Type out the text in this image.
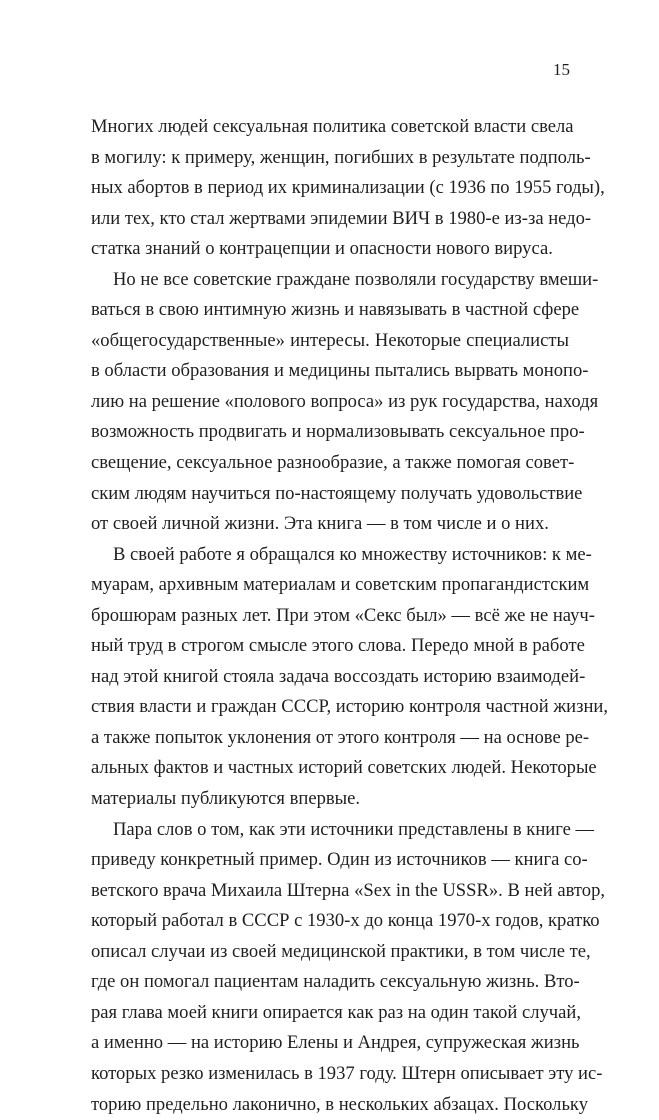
15
Многих людей сексуальная политика советской власти свела
в могилу: к примеру, женщин, погибших в результате подполь-
ных абортов в период их криминализации (с 1936 по 1955 годы),
или тех, кто стал жертвами эпидемии ВИЧ в 1980-е из-за недо-
статка знаний о контрацепции и опасности нового вируса.
Но не все советские граждане позволяли государству вмеши-
ваться в свою интимную жизнь и навязывать в частной сфере
«общегосударственные» интересы. Некоторые специалисты
в области образования и медицины пытались вырвать монопо-
лию на решение «полового вопроса» из рук государства, находя
возможность продвигать и нормализовывать сексуальное про-
свещение, сексуальное разнообразие, а также помогая совет-
ским людям научиться по-настоящему получать удовольствие
от своей личной жизни. Эта книга — в том числе и о них.
В своей работе я обращался ко множеству источников: к ме-
муарам, архивным материалам и советским пропагандистским
брошюрам разных лет. При этом «Секс был» — всё же не науч-
ный труд в строгом смысле этого слова. Передо мной в работе
над этой книгой стояла задача воссоздать историю взаимодей-
ствия власти и граждан СССР, историю контроля частной жизни,
а также попыток уклонения от этого контроля — на основе ре-
альных фактов и частных историй советских людей. Некоторые
материалы публикуются впервые.
Пара слов о том, как эти источники представлены в книге —
приведу конкретный пример. Один из источников — книга со-
ветского врача Михаила Штерна «Sex in the USSR». В ней автор,
который работал в СССР с 1930-х до конца 1970-х годов, кратко
описал случаи из своей медицинской практики, в том числе те,
где он помогал пациентам наладить сексуальную жизнь. Вто-
рая глава моей книги опирается как раз на один такой случай,
а именно — на историю Елены и Андрея, супружеская жизнь
которых резко изменилась в 1937 году. Штерн описывает эту ис-
торию предельно лаконично, в нескольких абзацах. Поскольку
